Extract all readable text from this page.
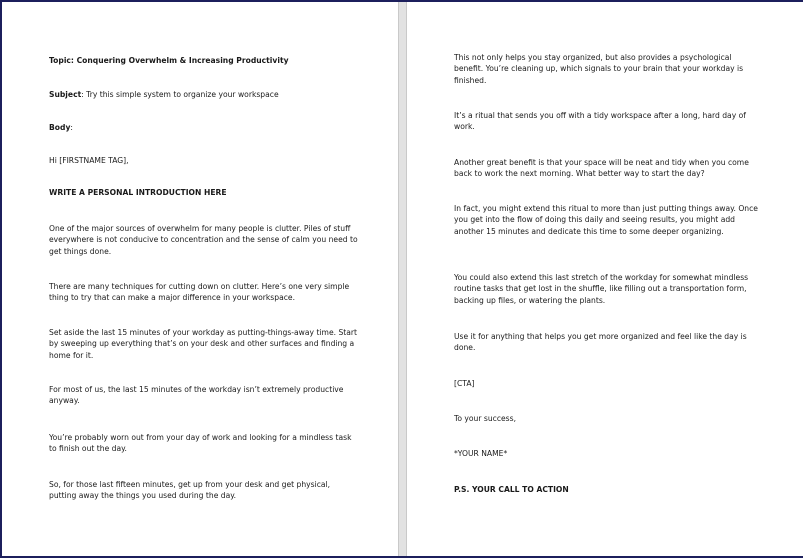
Topic: Conquering Overwhelm & Increasing Productivity

Subject: Try this simple system to organize your workspace

Body:

Hi [FIRSTNAME TAG],

WRITE A PERSONAL INTRODUCTION HERE

One of the major sources of overwhelm for many people is clutter. Piles of stuff everywhere is not conducive to concentration and the sense of calm you need to get things done.

There are many techniques for cutting down on clutter. Here’s one very simple thing to try that can make a major difference in your workspace.

Set aside the last 15 minutes of your workday as putting-things-away time. Start by sweeping up everything that’s on your desk and other surfaces and finding a home for it.

For most of us, the last 15 minutes of the workday isn’t extremely productive anyway.

You’re probably worn out from your day of work and looking for a mindless task to finish out the day.

So, for those last fifteen minutes, get up from your desk and get physical, putting away the things you used during the day.

This not only helps you stay organized, but also provides a psychological benefit. You’re cleaning up, which signals to your brain that your workday is finished.

It’s a ritual that sends you off with a tidy workspace after a long, hard day of work.

Another great benefit is that your space will be neat and tidy when you come back to work the next morning. What better way to start the day?

In fact, you might extend this ritual to more than just putting things away. Once you get into the flow of doing this daily and seeing results, you might add another 15 minutes and dedicate this time to some deeper organizing.

You could also extend this last stretch of the workday for somewhat mindless routine tasks that get lost in the shuffle, like filling out a transportation form, backing up files, or watering the plants.

Use it for anything that helps you get more organized and feel like the day is done.

[CTA]

To your success,

*YOUR NAME*

P.S. YOUR CALL TO ACTION
